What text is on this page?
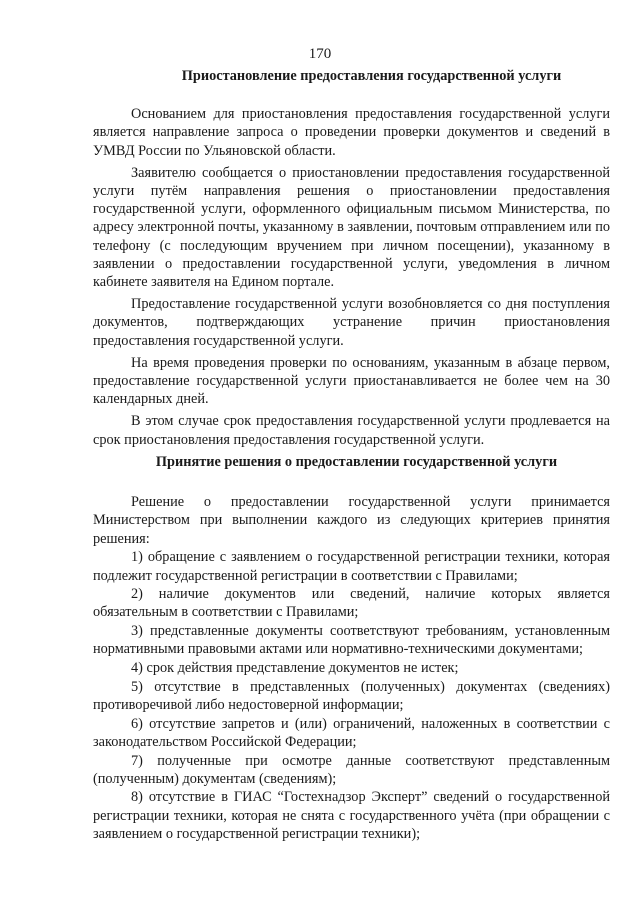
170
Приостановление предоставления государственной услуги

Основанием для приостановления предоставления государственной услуги является направление запроса о проведении проверки документов и сведений в УМВД России по Ульяновской области.

Заявителю сообщается о приостановлении предоставления государственной услуги путём направления решения о приостановлении предоставления государственной услуги, оформленного официальным письмом Министерства, по адресу электронной почты, указанному в заявлении, почтовым отправлением или по телефону (с последующим вручением при личном посещении), указанному в заявлении о предоставлении государственной услуги, уведомления в личном кабинете заявителя на Едином портале.

Предоставление государственной услуги возобновляется со дня поступления документов, подтверждающих устранение причин приостановления предоставления государственной услуги.

На время проведения проверки по основаниям, указанным в абзаце первом, предоставление государственной услуги приостанавливается не более чем на 30 календарных дней.

В этом случае срок предоставления государственной услуги продлевается на срок приостановления предоставления государственной услуги.

Принятие решения о предоставлении государственной услуги

Решение о предоставлении государственной услуги принимается Министерством при выполнении каждого из следующих критериев принятия решения:

1) обращение с заявлением о государственной регистрации техники, которая подлежит государственной регистрации в соответствии с Правилами;

2) наличие документов или сведений, наличие которых является обязательным в соответствии с Правилами;

3) представленные документы соответствуют требованиям, установленным нормативными правовыми актами или нормативно-техническими документами;

4) срок действия представление документов не истек;

5) отсутствие в представленных (полученных) документах (сведениях) противоречивой либо недостоверной информации;

6) отсутствие запретов и (или) ограничений, наложенных в соответствии с законодательством Российской Федерации;

7) полученные при осмотре данные соответствуют представленным (полученным) документам (сведениям);

8) отсутствие в ГИАС “Гостехнадзор Эксперт” сведений о государственной регистрации техники, которая не снята с государственного учёта (при обращении с заявлением о государственной регистрации техники);
